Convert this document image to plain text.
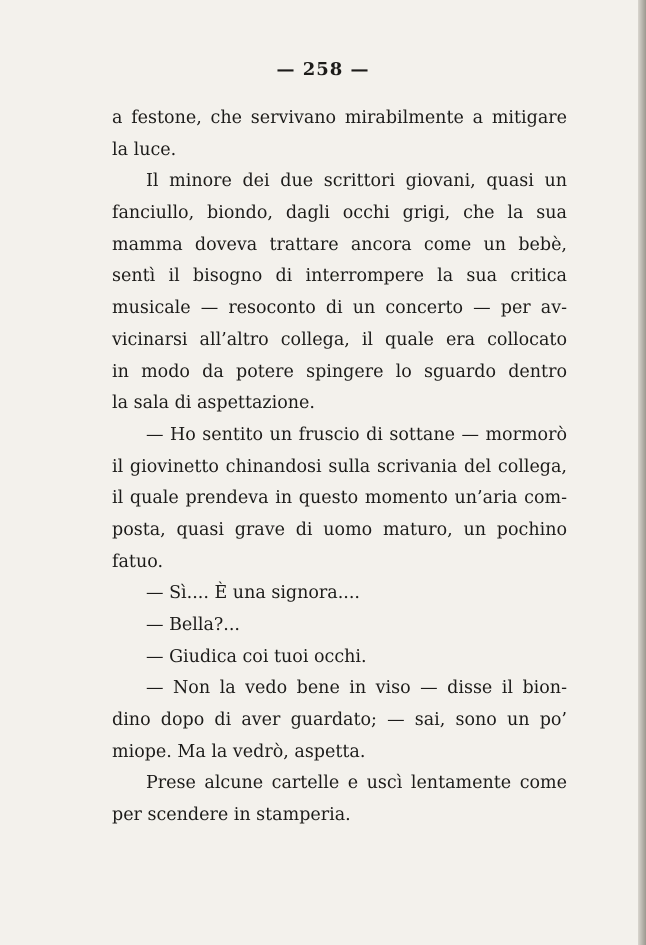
— 258 —
a festone, che servivano mirabilmente a mitigare
la luce.
Il minore dei due scrittori giovani, quasi un
fanciullo, biondo, dagli occhi grigi, che la sua
mamma doveva trattare ancora come un bebè,
sentì il bisogno di interrompere la sua critica
musicale — resoconto di un concerto — per av-
vicinarsi all’altro collega, il quale era collocato
in modo da potere spingere lo sguardo dentro
la sala di aspettazione.
— Ho sentito un fruscio di sottane — mormorò
il giovinetto chinandosi sulla scrivania del collega,
il quale prendeva in questo momento un’aria com-
posta, quasi grave di uomo maturo, un pochino
fatuo.
— Sì.... È una signora....
— Bella?...
— Giudica coi tuoi occhi.
— Non la vedo bene in viso — disse il bion-
dino dopo di aver guardato; — sai, sono un po’
miope. Ma la vedrò, aspetta.
Prese alcune cartelle e uscì lentamente come
per scendere in stamperia.
